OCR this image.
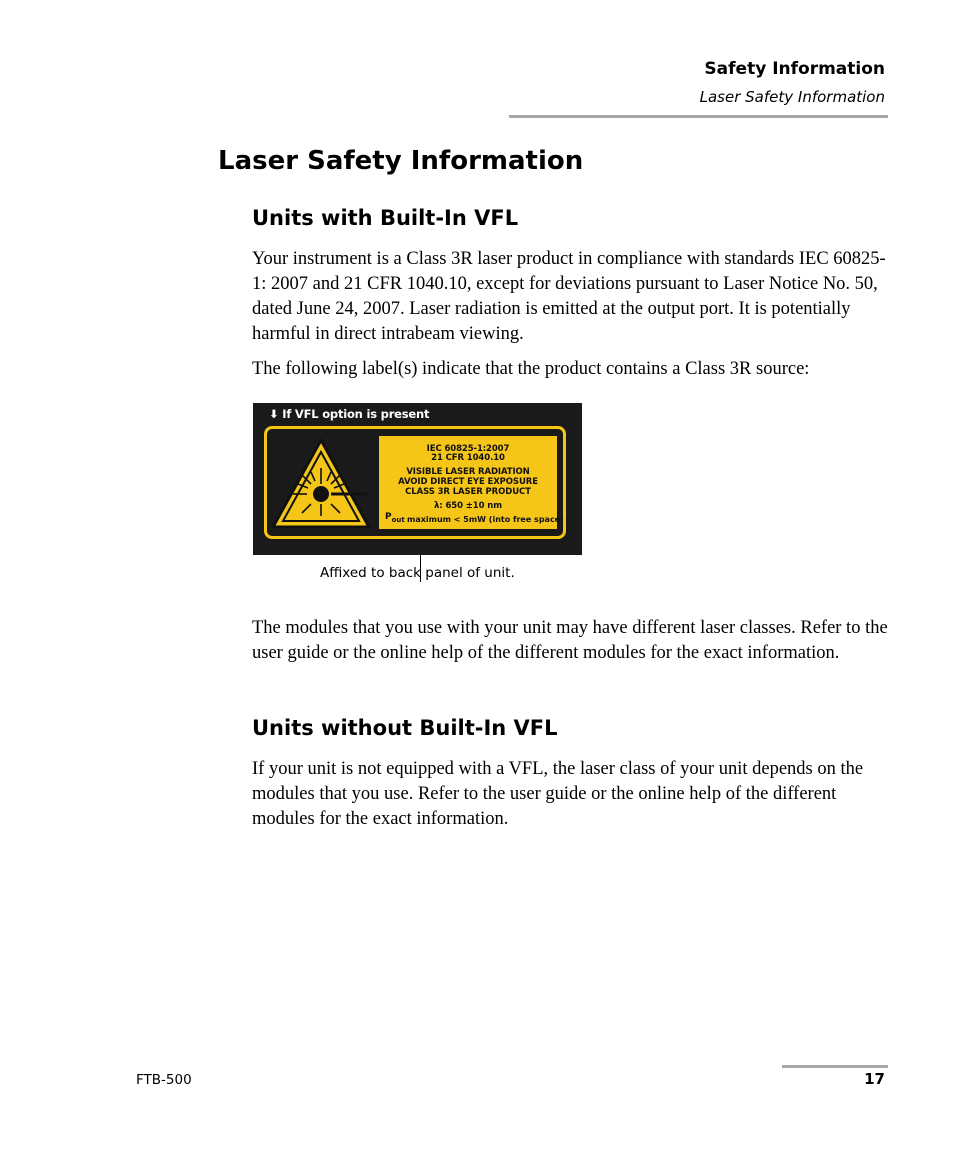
Safety Information
Laser Safety Information
Laser Safety Information
Units with Built-In VFL

Your instrument is a Class 3R laser product in compliance with standards IEC 60825-1: 2007 and 21 CFR 1040.10, except for deviations pursuant to Laser Notice No. 50, dated June 24, 2007. Laser radiation is emitted at the output port. It is potentially harmful in direct intrabeam viewing.

The following label(s) indicate that the product contains a Class 3R source:

⬇ If VFL option is present
IEC 60825-1:2007
21 CFR 1040.10
VISIBLE LASER RADIATION
AVOID DIRECT EYE EXPOSURE
CLASS 3R LASER PRODUCT
λ: 650 ±10 nm
$P_{out}$ maximum < 5mW (into free space)
Affixed to back panel of unit.

The modules that you use with your unit may have different laser classes. Refer to the user guide or the online help of the different modules for the exact information.

Units without Built-In VFL

If your unit is not equipped with a VFL, the laser class of your unit depends on the modules that you use. Refer to the user guide or the online help of the different modules for the exact information.

FTB-500	17
